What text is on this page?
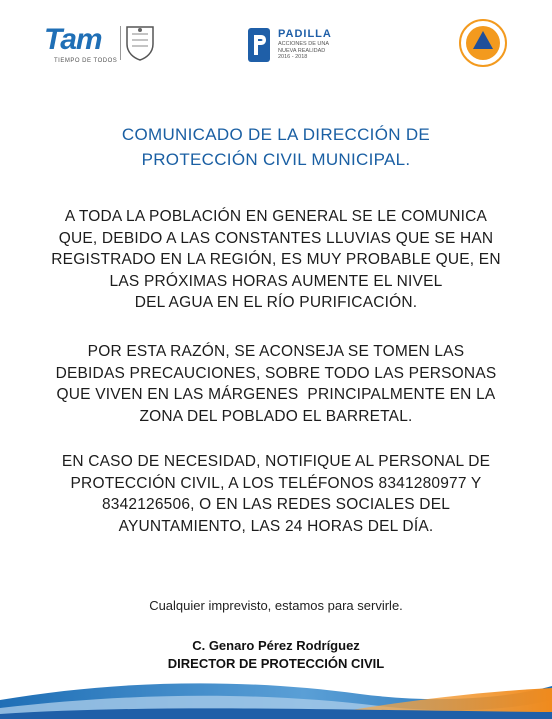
Tam
TIEMPO DE TODOS
PADILLA
ACCIONES DE UNA
NUEVA REALIDAD
2016 - 2018
COMUNICADO DE LA DIRECCIÓN DE
PROTECCIÓN CIVIL MUNICIPAL.
A TODA LA POBLACIÓN EN GENERAL SE LE COMUNICA
QUE, DEBIDO A LAS CONSTANTES LLUVIAS QUE SE HAN
REGISTRADO EN LA REGIÓN, ES MUY PROBABLE QUE, EN
LAS PRÓXIMAS HORAS AUMENTE EL NIVEL
DEL AGUA EN EL RÍO PURIFICACIÓN.
POR ESTA RAZÓN, SE ACONSEJA SE TOMEN LAS
DEBIDAS PRECAUCIONES, SOBRE TODO LAS PERSONAS
QUE VIVEN EN LAS MÁRGENES  PRINCIPALMENTE EN LA
ZONA DEL POBLADO EL BARRETAL.
EN CASO DE NECESIDAD, NOTIFIQUE AL PERSONAL DE
PROTECCIÓN CIVIL, A LOS TELÉFONOS 8341280977 Y
8342126506, O EN LAS REDES SOCIALES DEL
AYUNTAMIENTO, LAS 24 HORAS DEL DÍA.
Cualquier imprevisto, estamos para servirle.
C. Genaro Pérez Rodríguez
DIRECTOR DE PROTECCIÓN CIVIL
